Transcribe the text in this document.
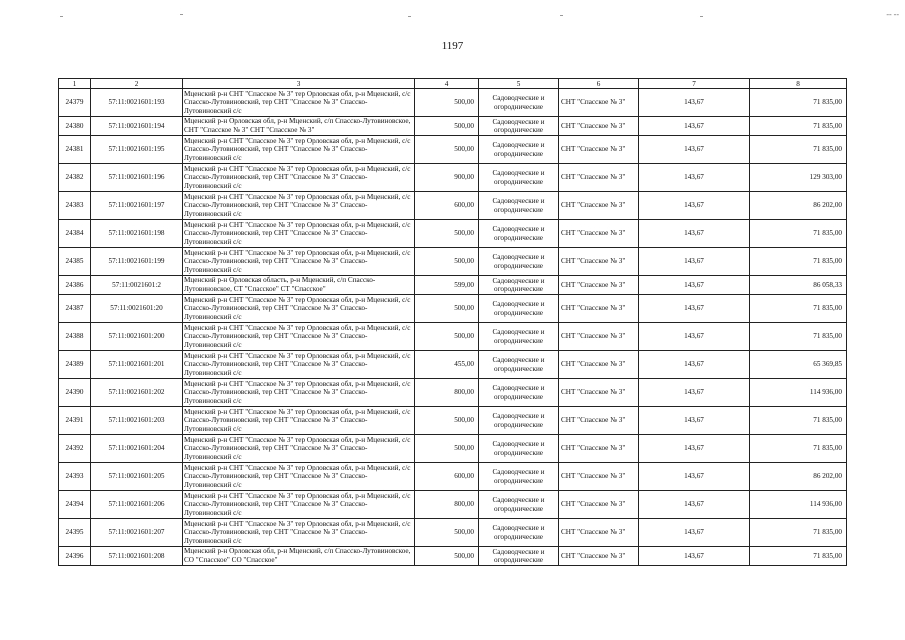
1197
-- --
1	2	3	4	5	6	7	8
24379	57:11:0021601:193	Мценский р-н СНТ "Спасское № 3" тер Орловская обл, р-н Мценский, с/с Спасско-Лутовиновский, тер СНТ "Спасское № 3" Спасско-Лутовиновский с/с	500,00	Садоводческие и огороднические	СНТ "Спасское № 3"	143,67	71 835,00
24380	57:11:0021601:194	Мценский р-н Орловская обл, р-н Мценский, с/п Спасско-Лутовиновское, СНТ "Спасское № 3" СНТ "Спасское № 3"	500,00	Садоводческие и огороднические	СНТ "Спасское № 3"	143,67	71 835,00
24381	57:11:0021601:195	Мценский р-н СНТ "Спасское № 3" тер Орловская обл, р-н Мценский, с/с Спасско-Лутовиновский, тер СНТ "Спасское № 3" Спасско-Лутовиновский с/с	500,00	Садоводческие и огороднические	СНТ "Спасское № 3"	143,67	71 835,00
24382	57:11:0021601:196	Мценский р-н СНТ "Спасское № 3" тер Орловская обл, р-н Мценский, с/с Спасско-Лутовиновский, тер СНТ "Спасское № 3" Спасско-Лутовиновский с/с	900,00	Садоводческие и огороднические	СНТ "Спасское № 3"	143,67	129 303,00
24383	57:11:0021601:197	Мценский р-н СНТ "Спасское № 3" тер Орловская обл, р-н Мценский, с/с Спасско-Лутовиновский, тер СНТ "Спасское № 3" Спасско-Лутовиновский с/с	600,00	Садоводческие и огороднические	СНТ "Спасское № 3"	143,67	86 202,00
24384	57:11:0021601:198	Мценский р-н СНТ "Спасское № 3" тер Орловская обл, р-н Мценский, с/с Спасско-Лутовиновский, тер СНТ "Спасское № 3" Спасско-Лутовиновский с/с	500,00	Садоводческие и огороднические	СНТ "Спасское № 3"	143,67	71 835,00
24385	57:11:0021601:199	Мценский р-н СНТ "Спасское № 3" тер Орловская обл, р-н Мценский, с/с Спасско-Лутовиновский, тер СНТ "Спасское № 3" Спасско-Лутовиновский с/с	500,00	Садоводческие и огороднические	СНТ "Спасское № 3"	143,67	71 835,00
24386	57:11:0021601:2	Мценский р-н Орловская область, р-н Мценский, с/п Спасско-Лутовиновское, СТ "Спасское" СТ "Спасское"	599,00	Садоводческие и огороднические	СНТ "Спасское № 3"	143,67	86 058,33
24387	57:11:0021601:20	Мценский р-н СНТ "Спасское № 3" тер Орловская обл, р-н Мценский, с/с Спасско-Лутовиновский, тер СНТ "Спасское № 3" Спасско-Лутовиновский с/с	500,00	Садоводческие и огороднические	СНТ "Спасское № 3"	143,67	71 835,00
24388	57:11:0021601:200	Мценский р-н СНТ "Спасское № 3" тер Орловская обл, р-н Мценский, с/с Спасско-Лутовиновский, тер СНТ "Спасское № 3" Спасско-Лутовиновский с/с	500,00	Садоводческие и огороднические	СНТ "Спасское № 3"	143,67	71 835,00
24389	57:11:0021601:201	Мценский р-н СНТ "Спасское № 3" тер Орловская обл, р-н Мценский, с/с Спасско-Лутовиновский, тер СНТ "Спасское № 3" Спасско-Лутовиновский с/с	455,00	Садоводческие и огороднические	СНТ "Спасское № 3"	143,67	65 369,85
24390	57:11:0021601:202	Мценский р-н СНТ "Спасское № 3" тер Орловская обл, р-н Мценский, с/с Спасско-Лутовиновский, тер СНТ "Спасское № 3" Спасско-Лутовиновский с/с	800,00	Садоводческие и огороднические	СНТ "Спасское № 3"	143,67	114 936,00
24391	57:11:0021601:203	Мценский р-н СНТ "Спасское № 3" тер Орловская обл, р-н Мценский, с/с Спасско-Лутовиновский, тер СНТ "Спасское № 3" Спасско-Лутовиновский с/с	500,00	Садоводческие и огороднические	СНТ "Спасское № 3"	143,67	71 835,00
24392	57:11:0021601:204	Мценский р-н СНТ "Спасское № 3" тер Орловская обл, р-н Мценский, с/с Спасско-Лутовиновский, тер СНТ "Спасское № 3" Спасско-Лутовиновский с/с	500,00	Садоводческие и огороднические	СНТ "Спасское № 3"	143,67	71 835,00
24393	57:11:0021601:205	Мценский р-н СНТ "Спасское № 3" тер Орловская обл, р-н Мценский, с/с Спасско-Лутовиновский, тер СНТ "Спасское № 3" Спасско-Лутовиновский с/с	600,00	Садоводческие и огороднические	СНТ "Спасское № 3"	143,67	86 202,00
24394	57:11:0021601:206	Мценский р-н СНТ "Спасское № 3" тер Орловская обл, р-н Мценский, с/с Спасско-Лутовиновский, тер СНТ "Спасское № 3" Спасско-Лутовиновский с/с	800,00	Садоводческие и огороднические	СНТ "Спасское № 3"	143,67	114 936,00
24395	57:11:0021601:207	Мценский р-н СНТ "Спасское № 3" тер Орловская обл, р-н Мценский, с/с Спасско-Лутовиновский, тер СНТ "Спасское № 3" Спасско-Лутовиновский с/с	500,00	Садоводческие и огороднические	СНТ "Спасское № 3"	143,67	71 835,00
24396	57:11:0021601:208	Мценский р-н Орловская обл, р-н Мценский, с/п Спасско-Лутовиновское, СО "Спасское" СО "Спасское"	500,00	Садоводческие и огороднические	СНТ "Спасское № 3"	143,67	71 835,00
